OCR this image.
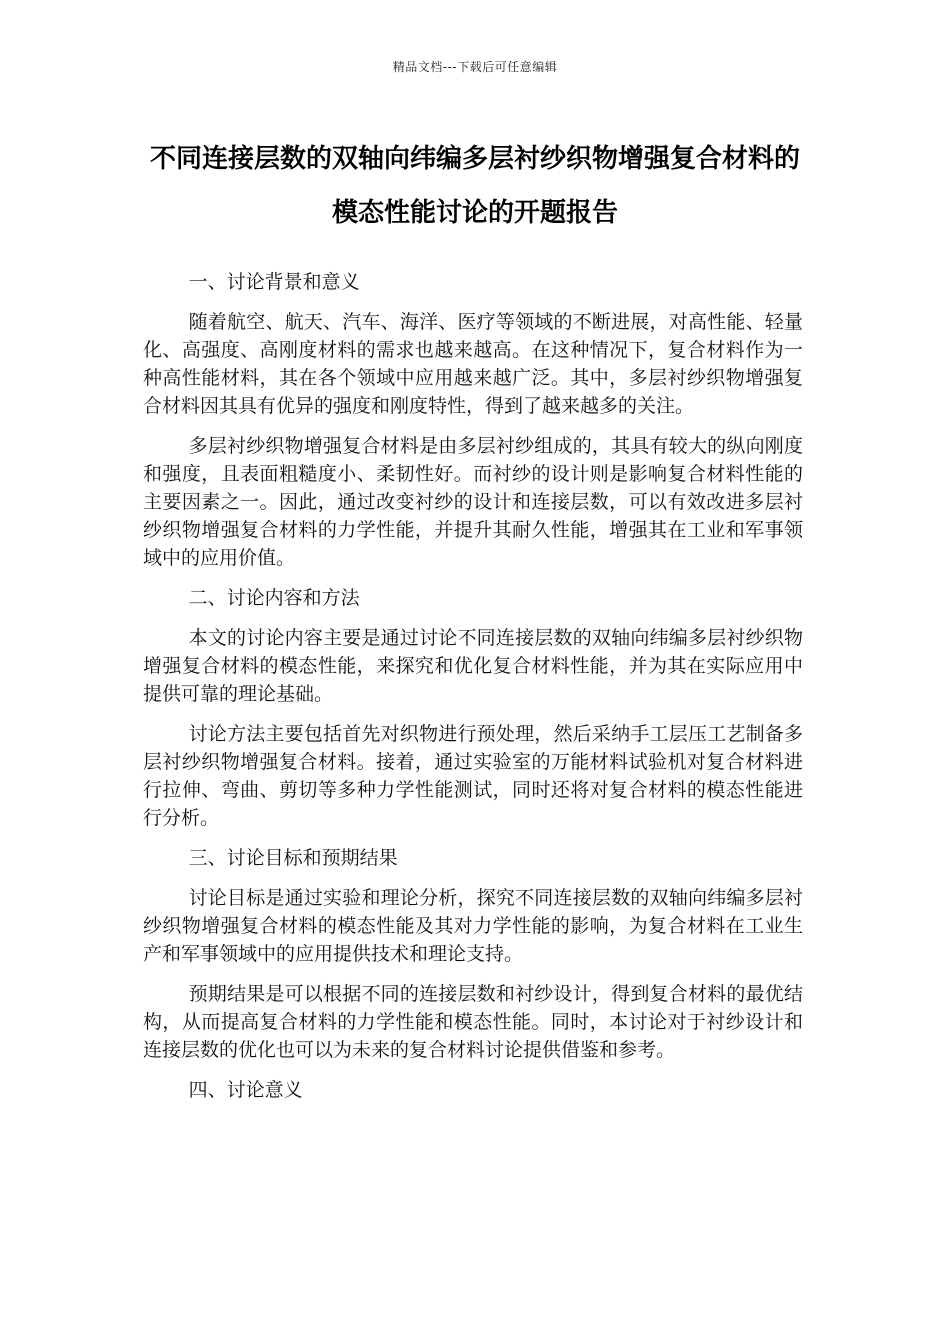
精品文档---下载后可任意编辑
不同连接层数的双轴向纬编多层衬纱织物增强复合材料的模态性能讨论的开题报告
一、讨论背景和意义
随着航空、航天、汽车、海洋、医疗等领域的不断进展，对高性能、轻量化、高强度、高刚度材料的需求也越来越高。在这种情况下，复合材料作为一种高性能材料，其在各个领域中应用越来越广泛。其中，多层衬纱织物增强复合材料因其具有优异的强度和刚度特性，得到了越来越多的关注。
多层衬纱织物增强复合材料是由多层衬纱组成的，其具有较大的纵向刚度和强度，且表面粗糙度小、柔韧性好。而衬纱的设计则是影响复合材料性能的主要因素之一。因此，通过改变衬纱的设计和连接层数，可以有效改进多层衬纱织物增强复合材料的力学性能，并提升其耐久性能，增强其在工业和军事领域中的应用价值。
二、讨论内容和方法
本文的讨论内容主要是通过讨论不同连接层数的双轴向纬编多层衬纱织物增强复合材料的模态性能，来探究和优化复合材料性能，并为其在实际应用中提供可靠的理论基础。
讨论方法主要包括首先对织物进行预处理，然后采纳手工层压工艺制备多层衬纱织物增强复合材料。接着，通过实验室的万能材料试验机对复合材料进行拉伸、弯曲、剪切等多种力学性能测试，同时还将对复合材料的模态性能进行分析。
三、讨论目标和预期结果
讨论目标是通过实验和理论分析，探究不同连接层数的双轴向纬编多层衬纱织物增强复合材料的模态性能及其对力学性能的影响，为复合材料在工业生产和军事领域中的应用提供技术和理论支持。
预期结果是可以根据不同的连接层数和衬纱设计，得到复合材料的最优结构，从而提高复合材料的力学性能和模态性能。同时，本讨论对于衬纱设计和连接层数的优化也可以为未来的复合材料讨论提供借鉴和参考。
四、讨论意义
